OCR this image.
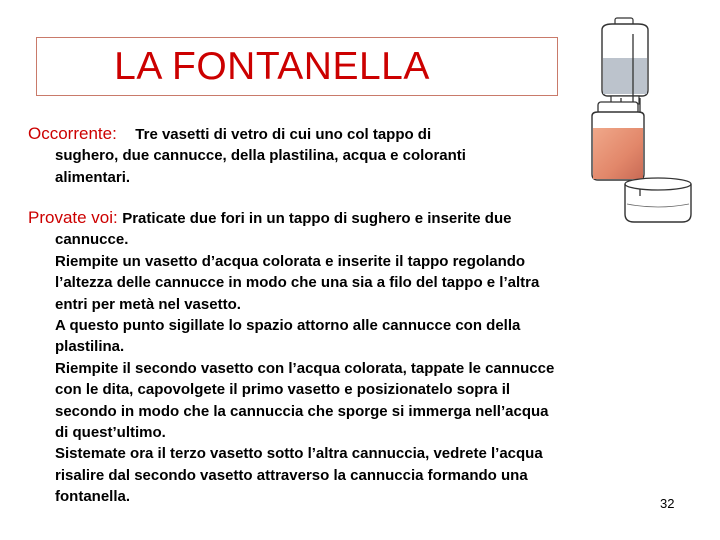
LA FONTANELLA
Occorrente: Tre vasetti di vetro di cui uno col tappo di
sughero, due cannucce, della plastilina, acqua e coloranti
alimentari.
Provate voi: Praticate due fori in un tappo di sughero e inserite due
cannucce.
Riempite un vasetto d’acqua colorata e inserite il tappo regolando
l’altezza delle cannucce in modo che una sia a filo del tappo e l’altra
entri per metà nel vasetto.
A questo punto sigillate lo spazio attorno alle cannucce con della
plastilina.
Riempite il secondo vasetto con l’acqua colorata, tappate le cannucce
con le dita, capovolgete il primo vasetto e posizionatelo sopra il
secondo in modo che la cannuccia che sporge si immerga nell’acqua
di quest’ultimo.
Sistemate ora il terzo vasetto sotto l’altra cannuccia, vedrete l’acqua
risalire dal secondo vasetto attraverso la cannuccia formando una
fontanella.	32
